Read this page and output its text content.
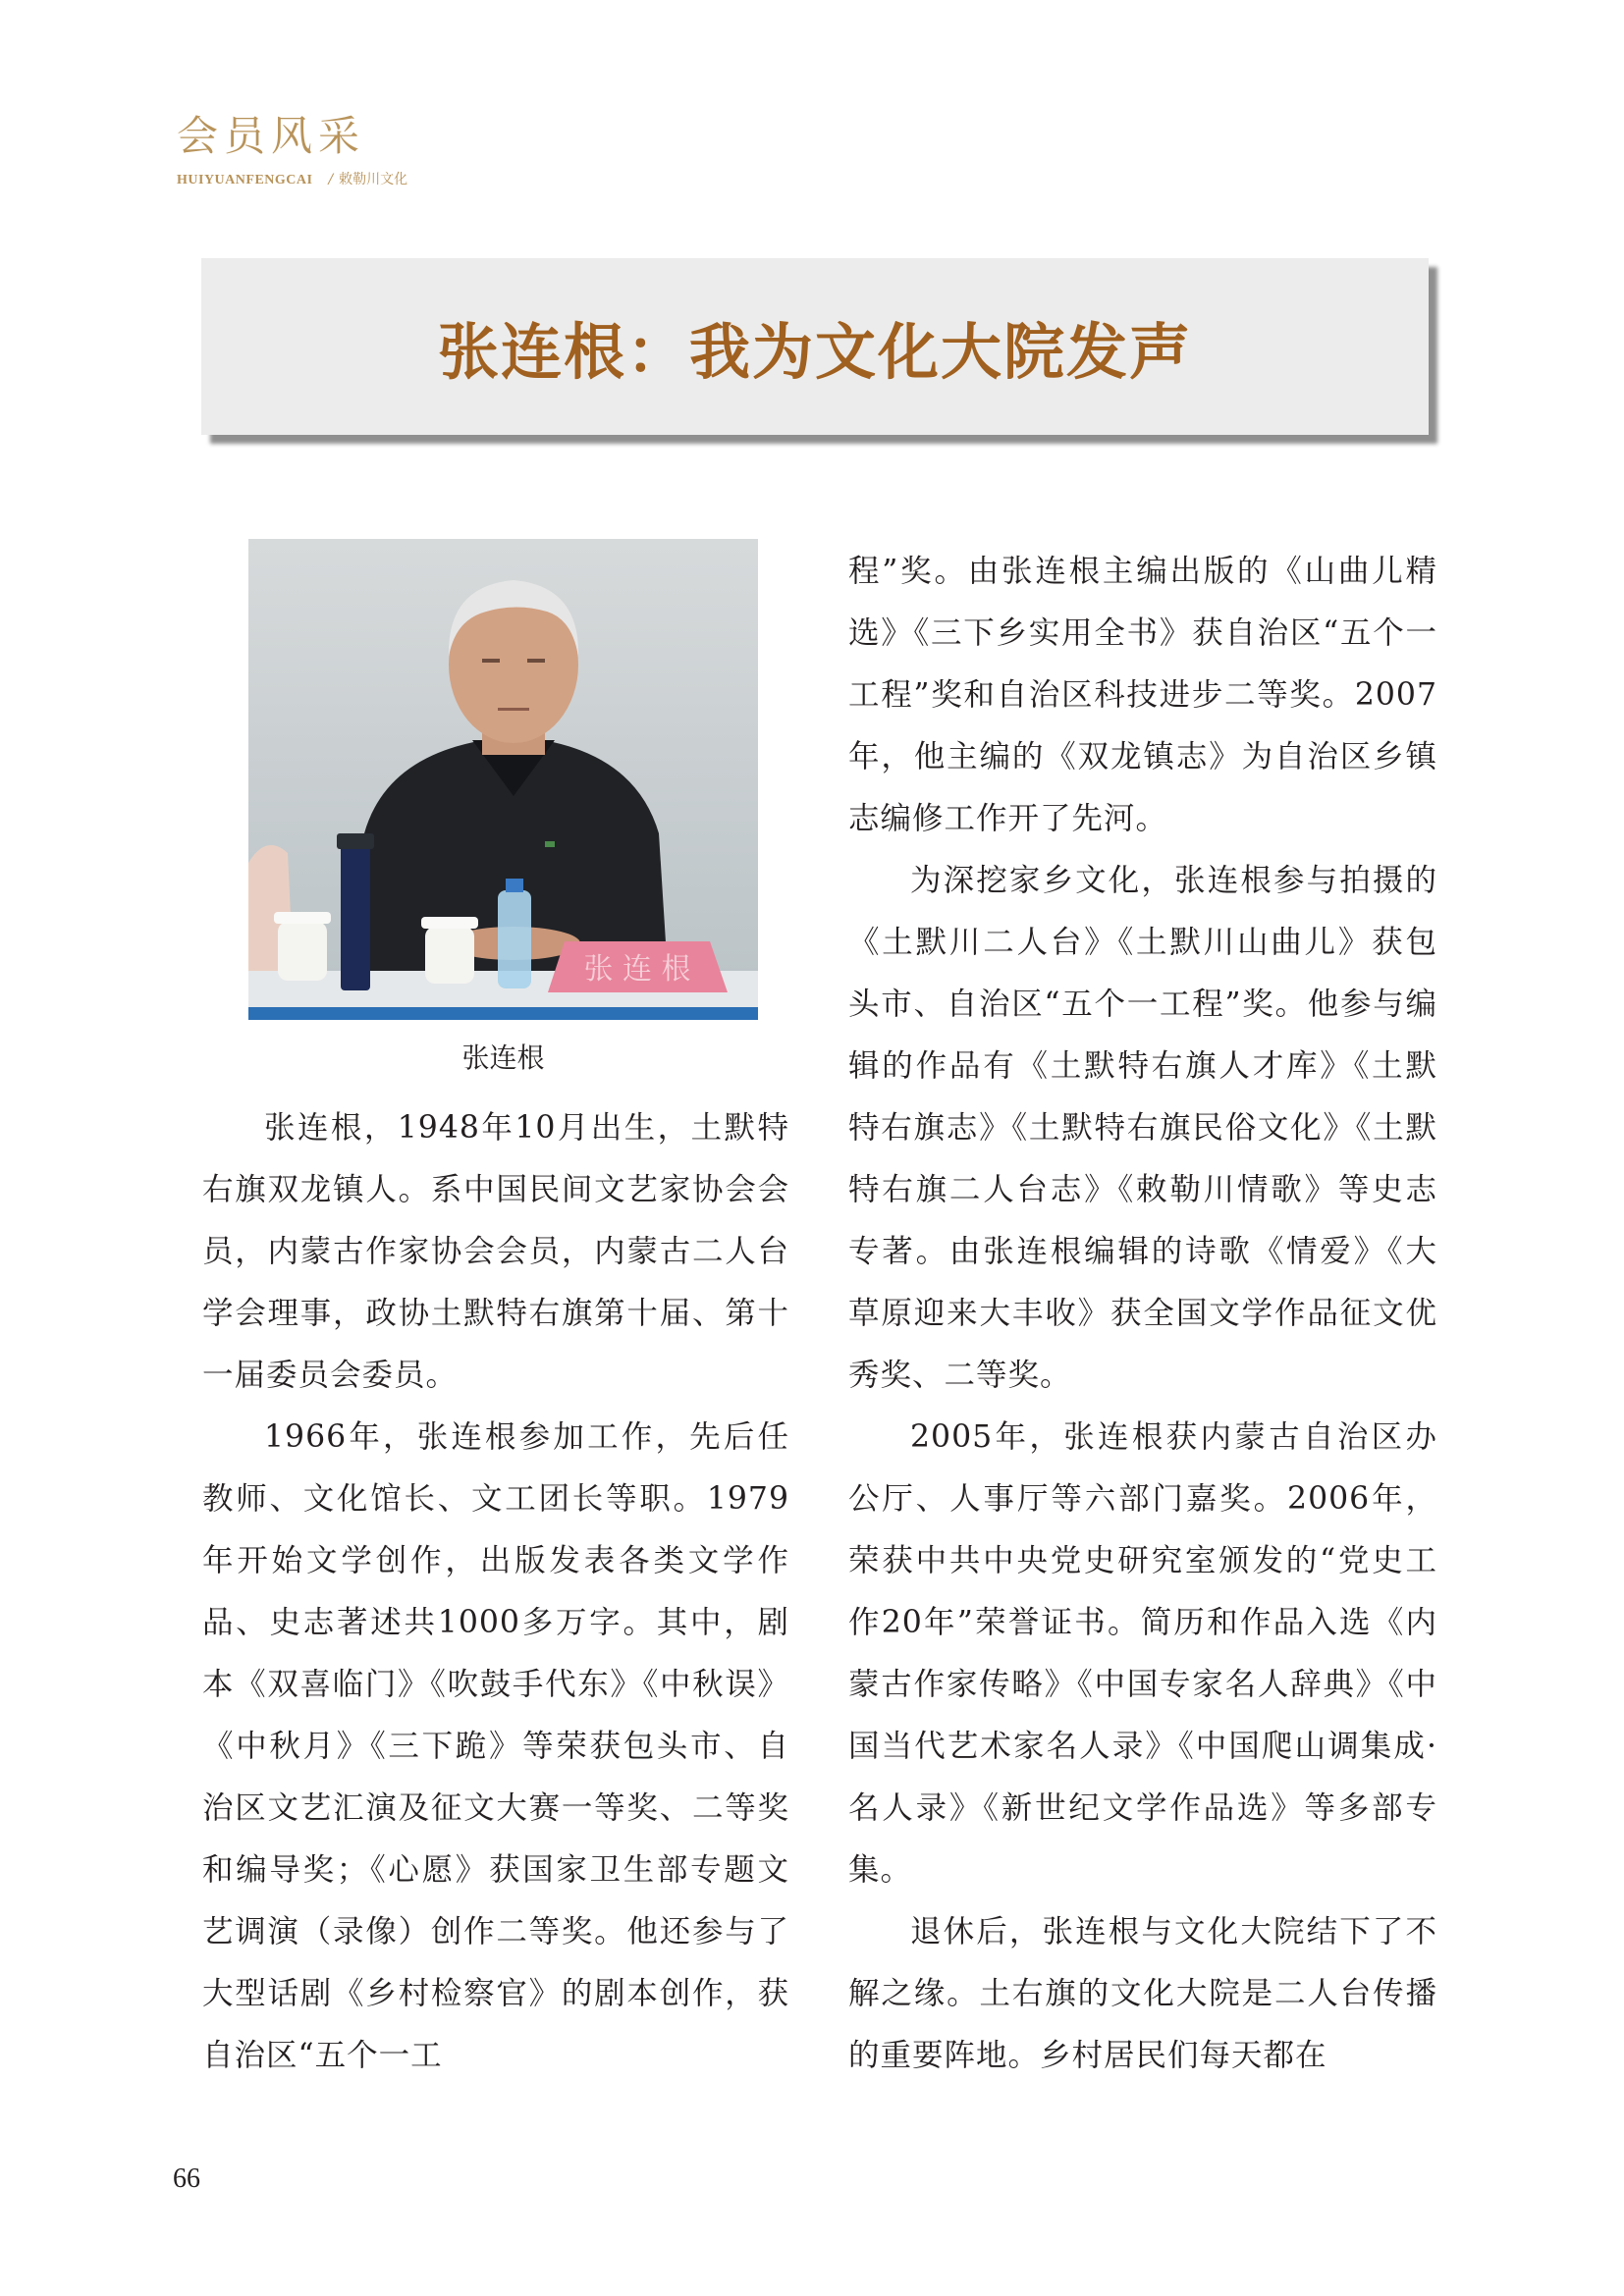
会员风采
HUIYUANFENGCAI / 敕勒川文化
张连根：我为文化大院发声
张 连 根
张连根

张连根，1948年10月出生，土默特右旗双龙镇人。系中国民间文艺家协会会员，内蒙古作家协会会员，内蒙古二人台学会理事，政协土默特右旗第十届、第十一届委员会委员。

1966年，张连根参加工作，先后任教师、文化馆长、文工团长等职。1979年开始文学创作，出版发表各类文学作品、史志著述共1000多万字。其中，剧本《双喜临门》《吹鼓手代东》《中秋误》《中秋月》《三下跪》等荣获包头市、自治区文艺汇演及征文大赛一等奖、二等奖和编导奖；《心愿》获国家卫生部专题文艺调演（录像）创作二等奖。他还参与了大型话剧《乡村检察官》的剧本创作，获自治区“五个一工

程”奖。由张连根主编出版的《山曲儿精选》《三下乡实用全书》获自治区“五个一工程”奖和自治区科技进步二等奖。2007年，他主编的《双龙镇志》为自治区乡镇志编修工作开了先河。

为深挖家乡文化，张连根参与拍摄的《土默川二人台》《土默川山曲儿》获包头市、自治区“五个一工程”奖。他参与编辑的作品有《土默特右旗人才库》《土默特右旗志》《土默特右旗民俗文化》《土默特右旗二人台志》《敕勒川情歌》等史志专著。由张连根编辑的诗歌《情爱》《大草原迎来大丰收》获全国文学作品征文优秀奖、二等奖。

2005年，张连根获内蒙古自治区办公厅、人事厅等六部门嘉奖。2006年，荣获中共中央党史研究室颁发的“党史工作20年”荣誉证书。简历和作品入选《内蒙古作家传略》《中国专家名人辞典》《中国当代艺术家名人录》《中国爬山调集成·名人录》《新世纪文学作品选》等多部专集。

退休后，张连根与文化大院结下了不解之缘。土右旗的文化大院是二人台传播的重要阵地。乡村居民们每天都在

66
